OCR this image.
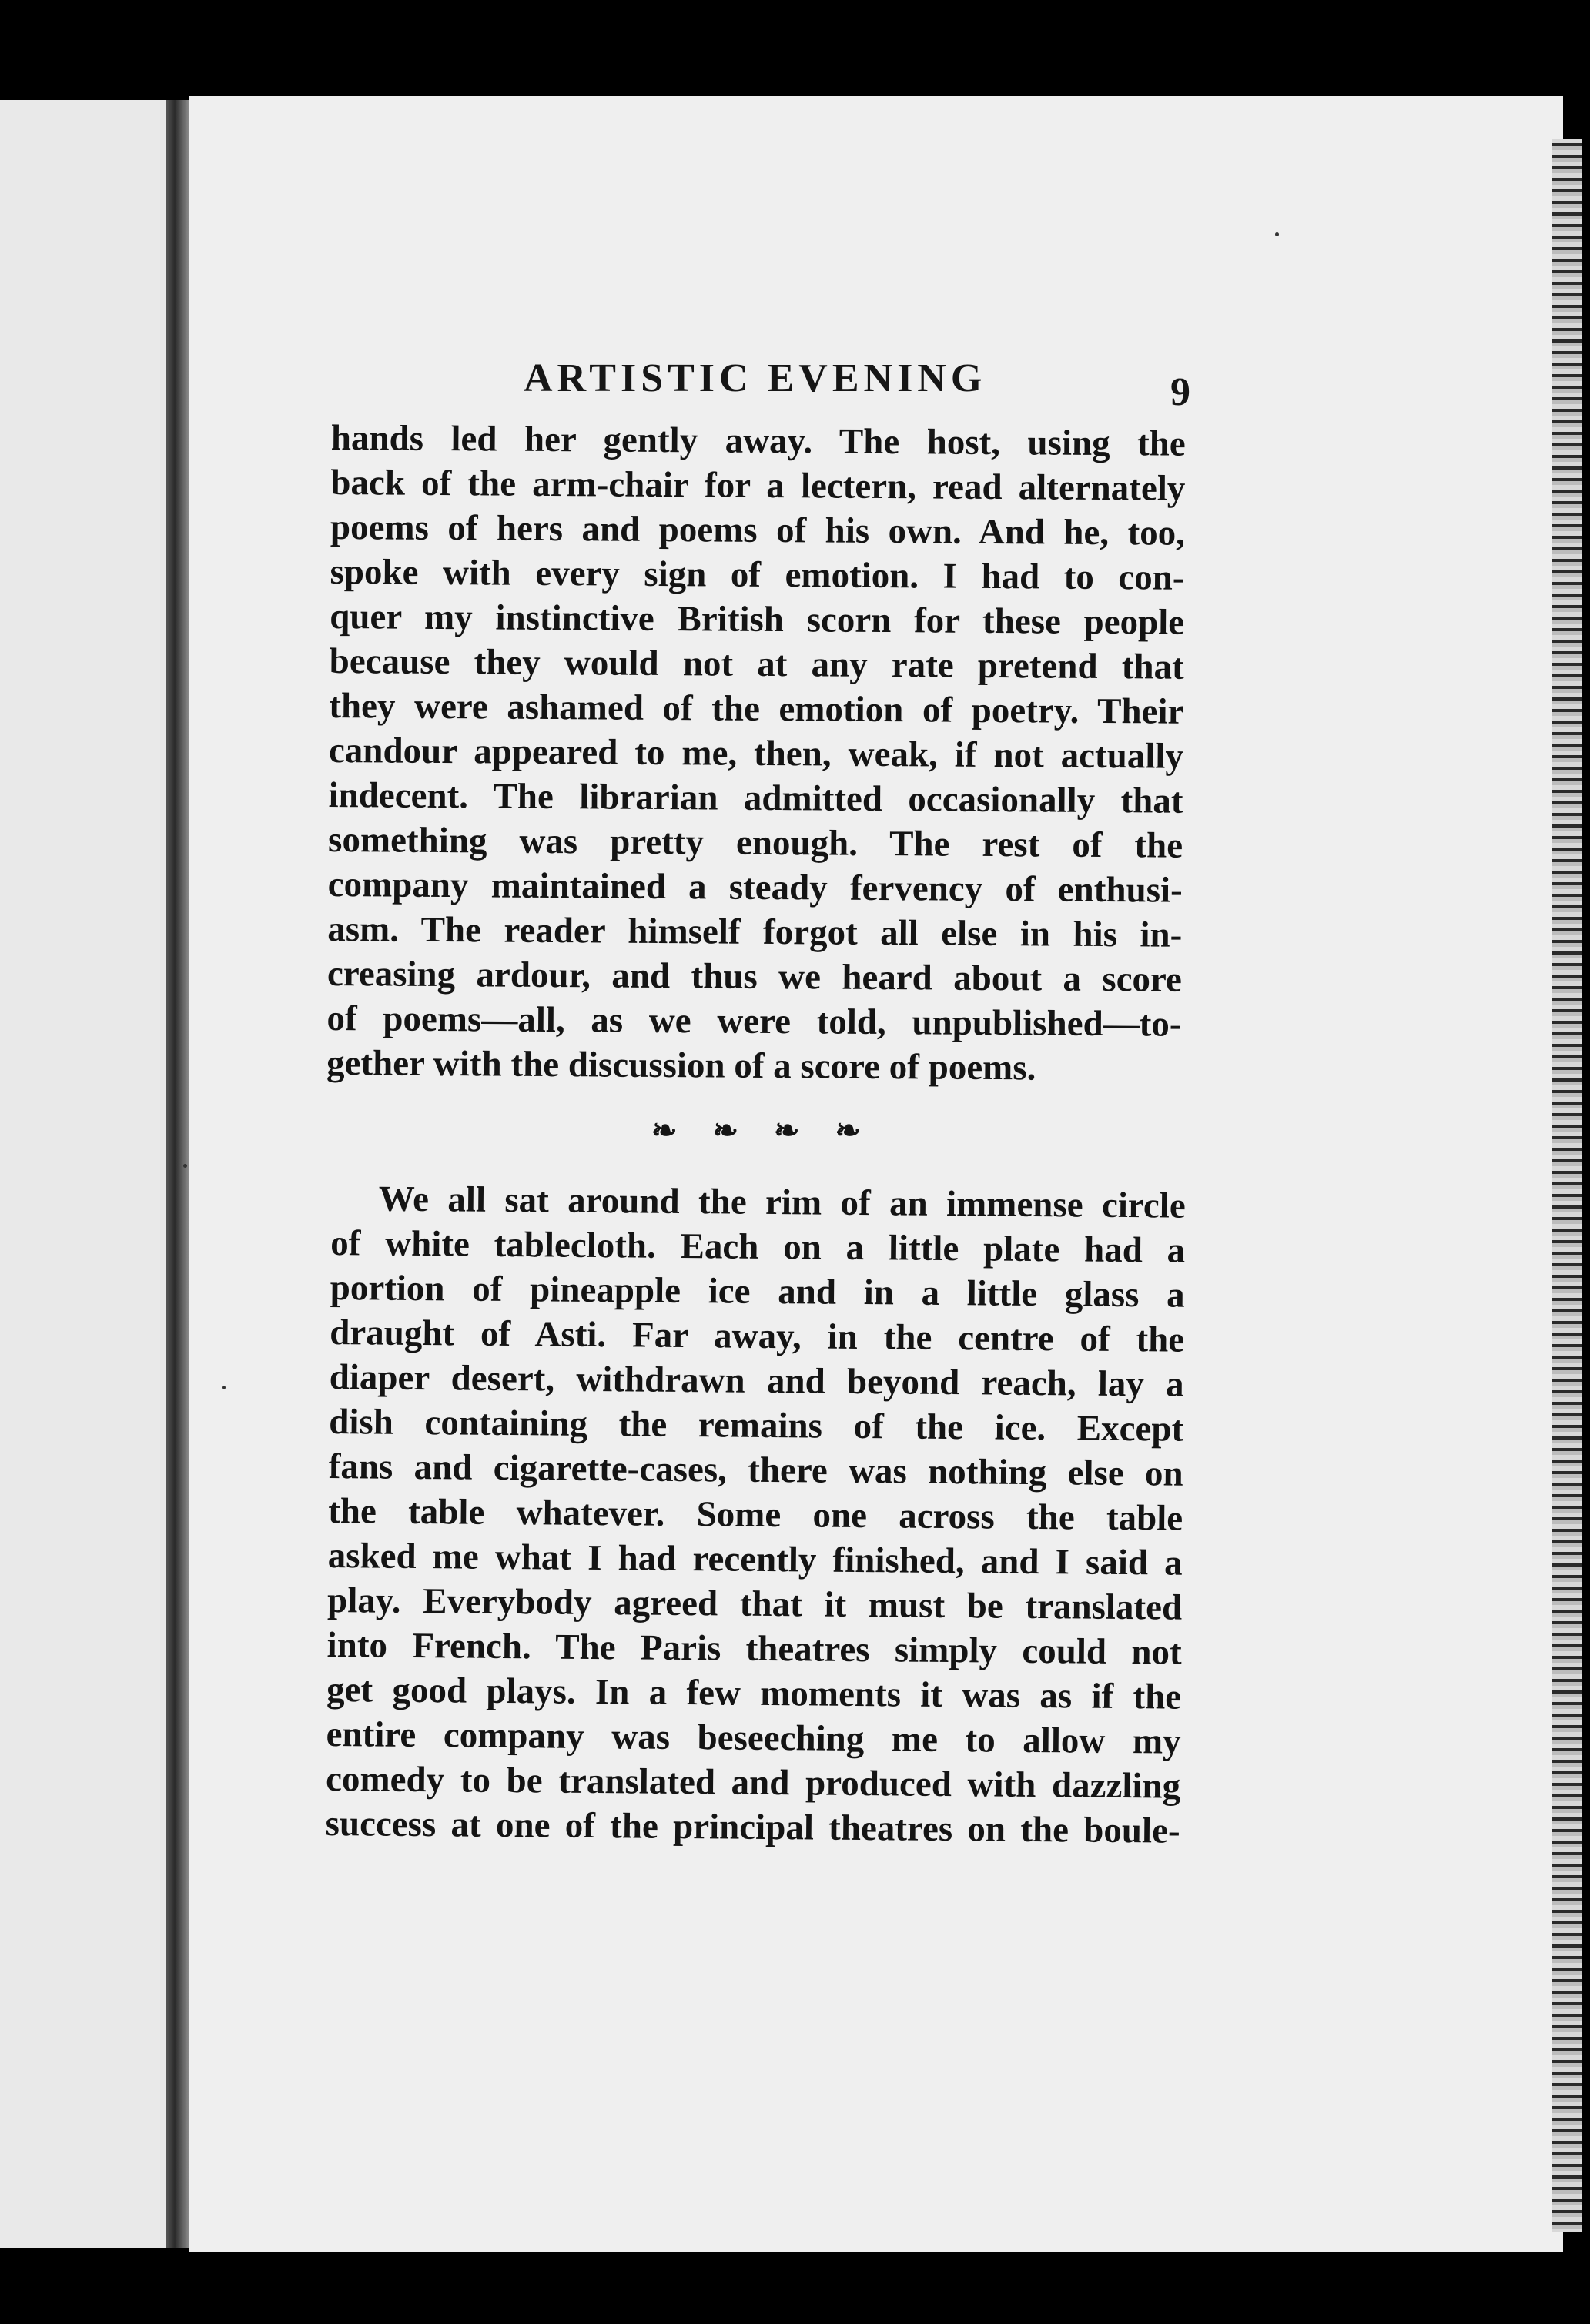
ARTISTIC EVENING	9
hands led her gently away. The host, using the
back of the arm-chair for a lectern, read alternately
poems of hers and poems of his own. And he, too,
spoke with every sign of emotion. I had to con-
quer my instinctive British scorn for these people
because they would not at any rate pretend that
they were ashamed of the emotion of poetry. Their
candour appeared to me, then, weak, if not actually
indecent. The librarian admitted occasionally that
something was pretty enough. The rest of the
company maintained a steady fervency of enthusi-
asm. The reader himself forgot all else in his in-
creasing ardour, and thus we heard about a score
of poems—all, as we were told, unpublished—to-
gether with the discussion of a score of poems.
❧❧❧❧
We all sat around the rim of an immense circle
of white tablecloth. Each on a little plate had a
portion of pineapple ice and in a little glass a
draught of Asti. Far away, in the centre of the
diaper desert, withdrawn and beyond reach, lay a
dish containing the remains of the ice. Except
fans and cigarette-cases, there was nothing else on
the table whatever. Some one across the table
asked me what I had recently finished, and I said a
play. Everybody agreed that it must be translated
into French. The Paris theatres simply could not
get good plays. In a few moments it was as if the
entire company was beseeching me to allow my
comedy to be translated and produced with dazzling
success at one of the principal theatres on the boule-
